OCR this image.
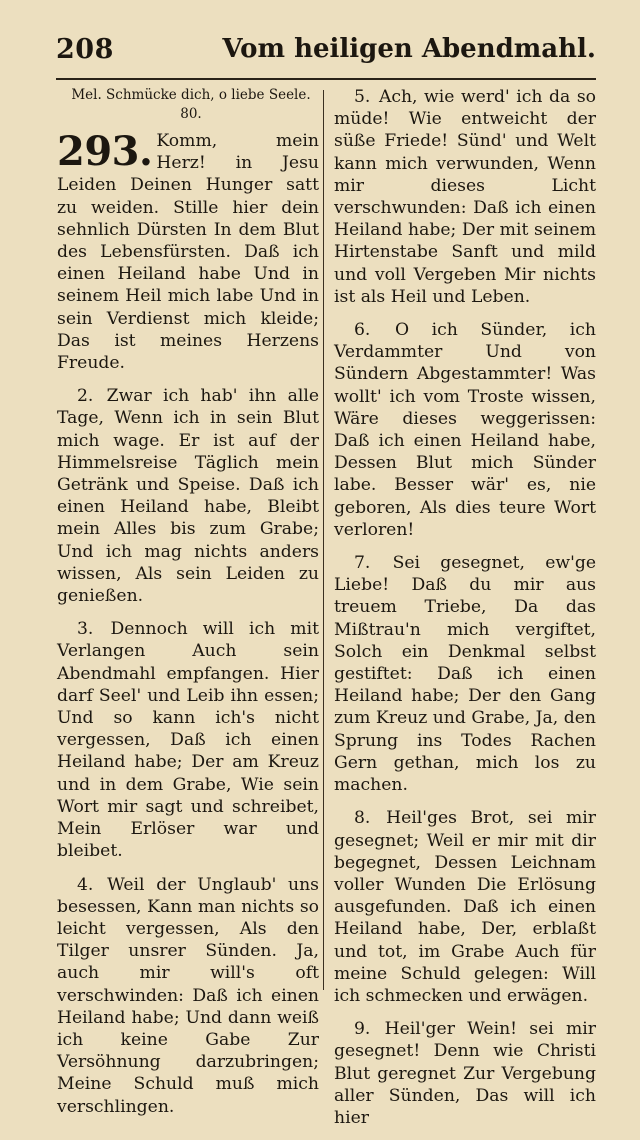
208	Vom heiligen Abendmahl.

Mel. Schmücke dich, o liebe Seele. 80.

293. Komm, mein Herz! in Jesu Leiden Deinen Hunger satt zu weiden. Stille hier dein sehnlich Dürsten In dem Blut des Lebensfürsten. Daß ich einen Heiland habe Und in seinem Heil mich labe Und in sein Verdienst mich kleide; Das ist meines Herzens Freude.

2. Zwar ich hab' ihn alle Tage, Wenn ich in sein Blut mich wage. Er ist auf der Himmelsreise Täglich mein Getränk und Speise. Daß ich einen Heiland habe, Bleibt mein Alles bis zum Grabe; Und ich mag nichts anders wissen, Als sein Leiden zu genießen.

3. Dennoch will ich mit Verlangen Auch sein Abendmahl empfangen. Hier darf Seel' und Leib ihn essen; Und so kann ich's nicht vergessen, Daß ich einen Heiland habe; Der am Kreuz und in dem Grabe, Wie sein Wort mir sagt und schreibet, Mein Erlöser war und bleibet.

4. Weil der Unglaub' uns besessen, Kann man nichts so leicht vergessen, Als den Tilger unsrer Sünden. Ja, auch mir will's oft verschwinden: Daß ich einen Heiland habe; Und dann weiß ich keine Gabe Zur Versöhnung darzubringen; Meine Schuld muß mich verschlingen.

5. Ach, wie werd' ich da so müde! Wie entweicht der süße Friede! Sünd' und Welt kann mich verwunden, Wenn mir dieses Licht verschwunden: Daß ich einen Heiland habe; Der mit seinem Hirtenstabe Sanft und mild und voll Vergeben Mir nichts ist als Heil und Leben.

6. O ich Sünder, ich Verdammter Und von Sündern Abgestammter! Was wollt' ich vom Troste wissen, Wäre dieses weggerissen: Daß ich einen Heiland habe, Dessen Blut mich Sünder labe. Besser wär' es, nie geboren, Als dies teure Wort verloren!

7. Sei gesegnet, ew'ge Liebe! Daß du mir aus treuem Triebe, Da das Mißtrau'n mich vergiftet, Solch ein Denkmal selbst gestiftet: Daß ich einen Heiland habe; Der den Gang zum Kreuz und Grabe, Ja, den Sprung ins Todes Rachen Gern gethan, mich los zu machen.

8. Heil'ges Brot, sei mir gesegnet; Weil er mir mit dir begegnet, Dessen Leichnam voller Wunden Die Erlösung ausgefunden. Daß ich einen Heiland habe, Der, erblaßt und tot, im Grabe Auch für meine Schuld gelegen: Will ich schmecken und erwägen.

9. Heil'ger Wein! sei mir gesegnet! Denn wie Christi Blut geregnet Zur Vergebung aller Sünden, Das will ich hier
